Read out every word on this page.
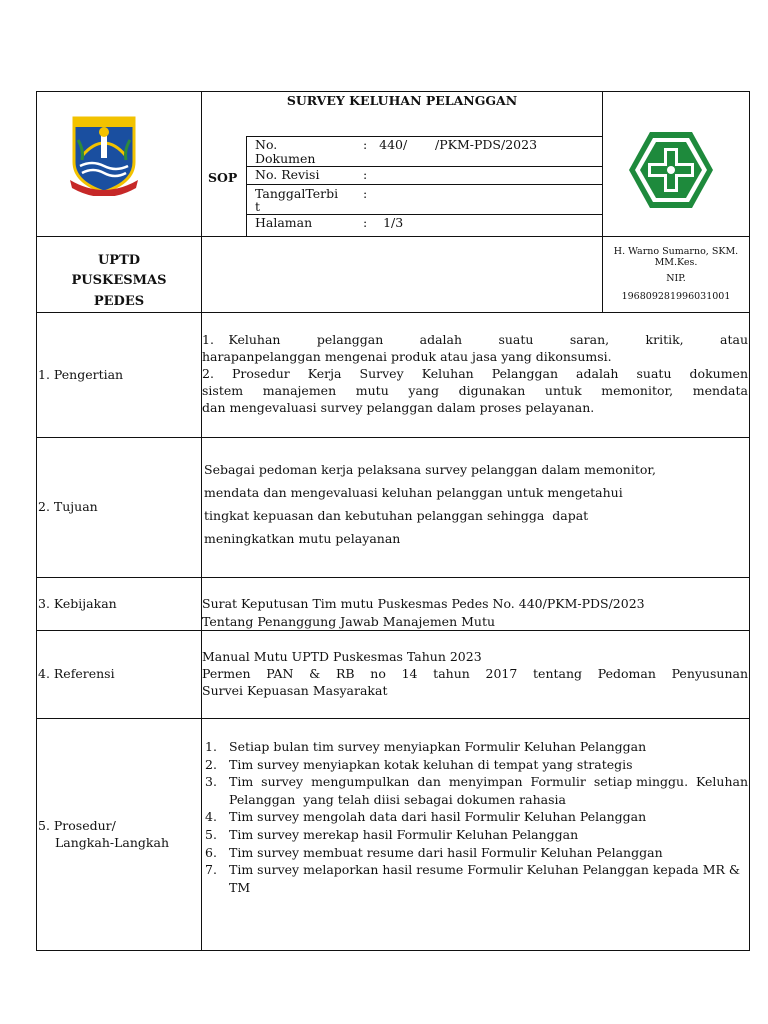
SURVEY KELUHAN PELANGGAN
SOP
No.
Dokumen
:   440/       /PKM-PDS/2023
No. Revisi	:
TanggalTerbi
t
:
Halaman	:    1/3
UPTD
PUSKESMAS
PEDES
H. Warno Sumarno, SKM.
MM.Kes.
NIP.
196809281996031001
1. Pengertian
2. Tujuan
3. Kebijakan
4. Referensi
5. Prosedur/
Langkah-Langkah
1.  Keluhan     pelanggan     adalah     suatu     saran,     kritik,     atau
harapanpelanggan mengenai produk atau jasa yang dikonsumsi.
2. Prosedur Kerja Survey Keluhan Pelanggan adalah suatu dokumen
sistem manajemen mutu yang digunakan untuk memonitor, mendata
dan mengevaluasi survey pelanggan dalam proses pelayanan.
Sebagai pedoman kerja pelaksana survey pelanggan dalam memonitor,
mendata dan mengevaluasi keluhan pelanggan untuk mengetahui
tingkat kepuasan dan kebutuhan pelanggan sehingga  dapat
meningkatkan mutu pelayanan
Surat Keputusan Tim mutu Puskesmas Pedes No. 440/PKM-PDS/2023
Tentang Penanggung Jawab Manajemen Mutu
Manual Mutu UPTD Puskesmas Tahun 2023
Permen PAN & RB no 14 tahun 2017 tentang Pedoman Penyusunan
Survei Kepuasan Masyarakat
1. Setiap bulan tim survey menyiapkan Formulir Keluhan Pelanggan
2. Tim survey menyiapkan kotak keluhan di tempat yang strategis
3. Tim  survey  mengumpulkan  dan  menyimpan  Formulir  setiap minggu.  Keluhan Pelanggan  yang telah diisi sebagai dokumen rahasia
4. Tim survey mengolah data dari hasil Formulir Keluhan Pelanggan
5. Tim survey merekap hasil Formulir Keluhan Pelanggan
6. Tim survey membuat resume dari hasil Formulir Keluhan Pelanggan
7. Tim survey melaporkan hasil resume Formulir Keluhan Pelanggan kepada MR & TM
